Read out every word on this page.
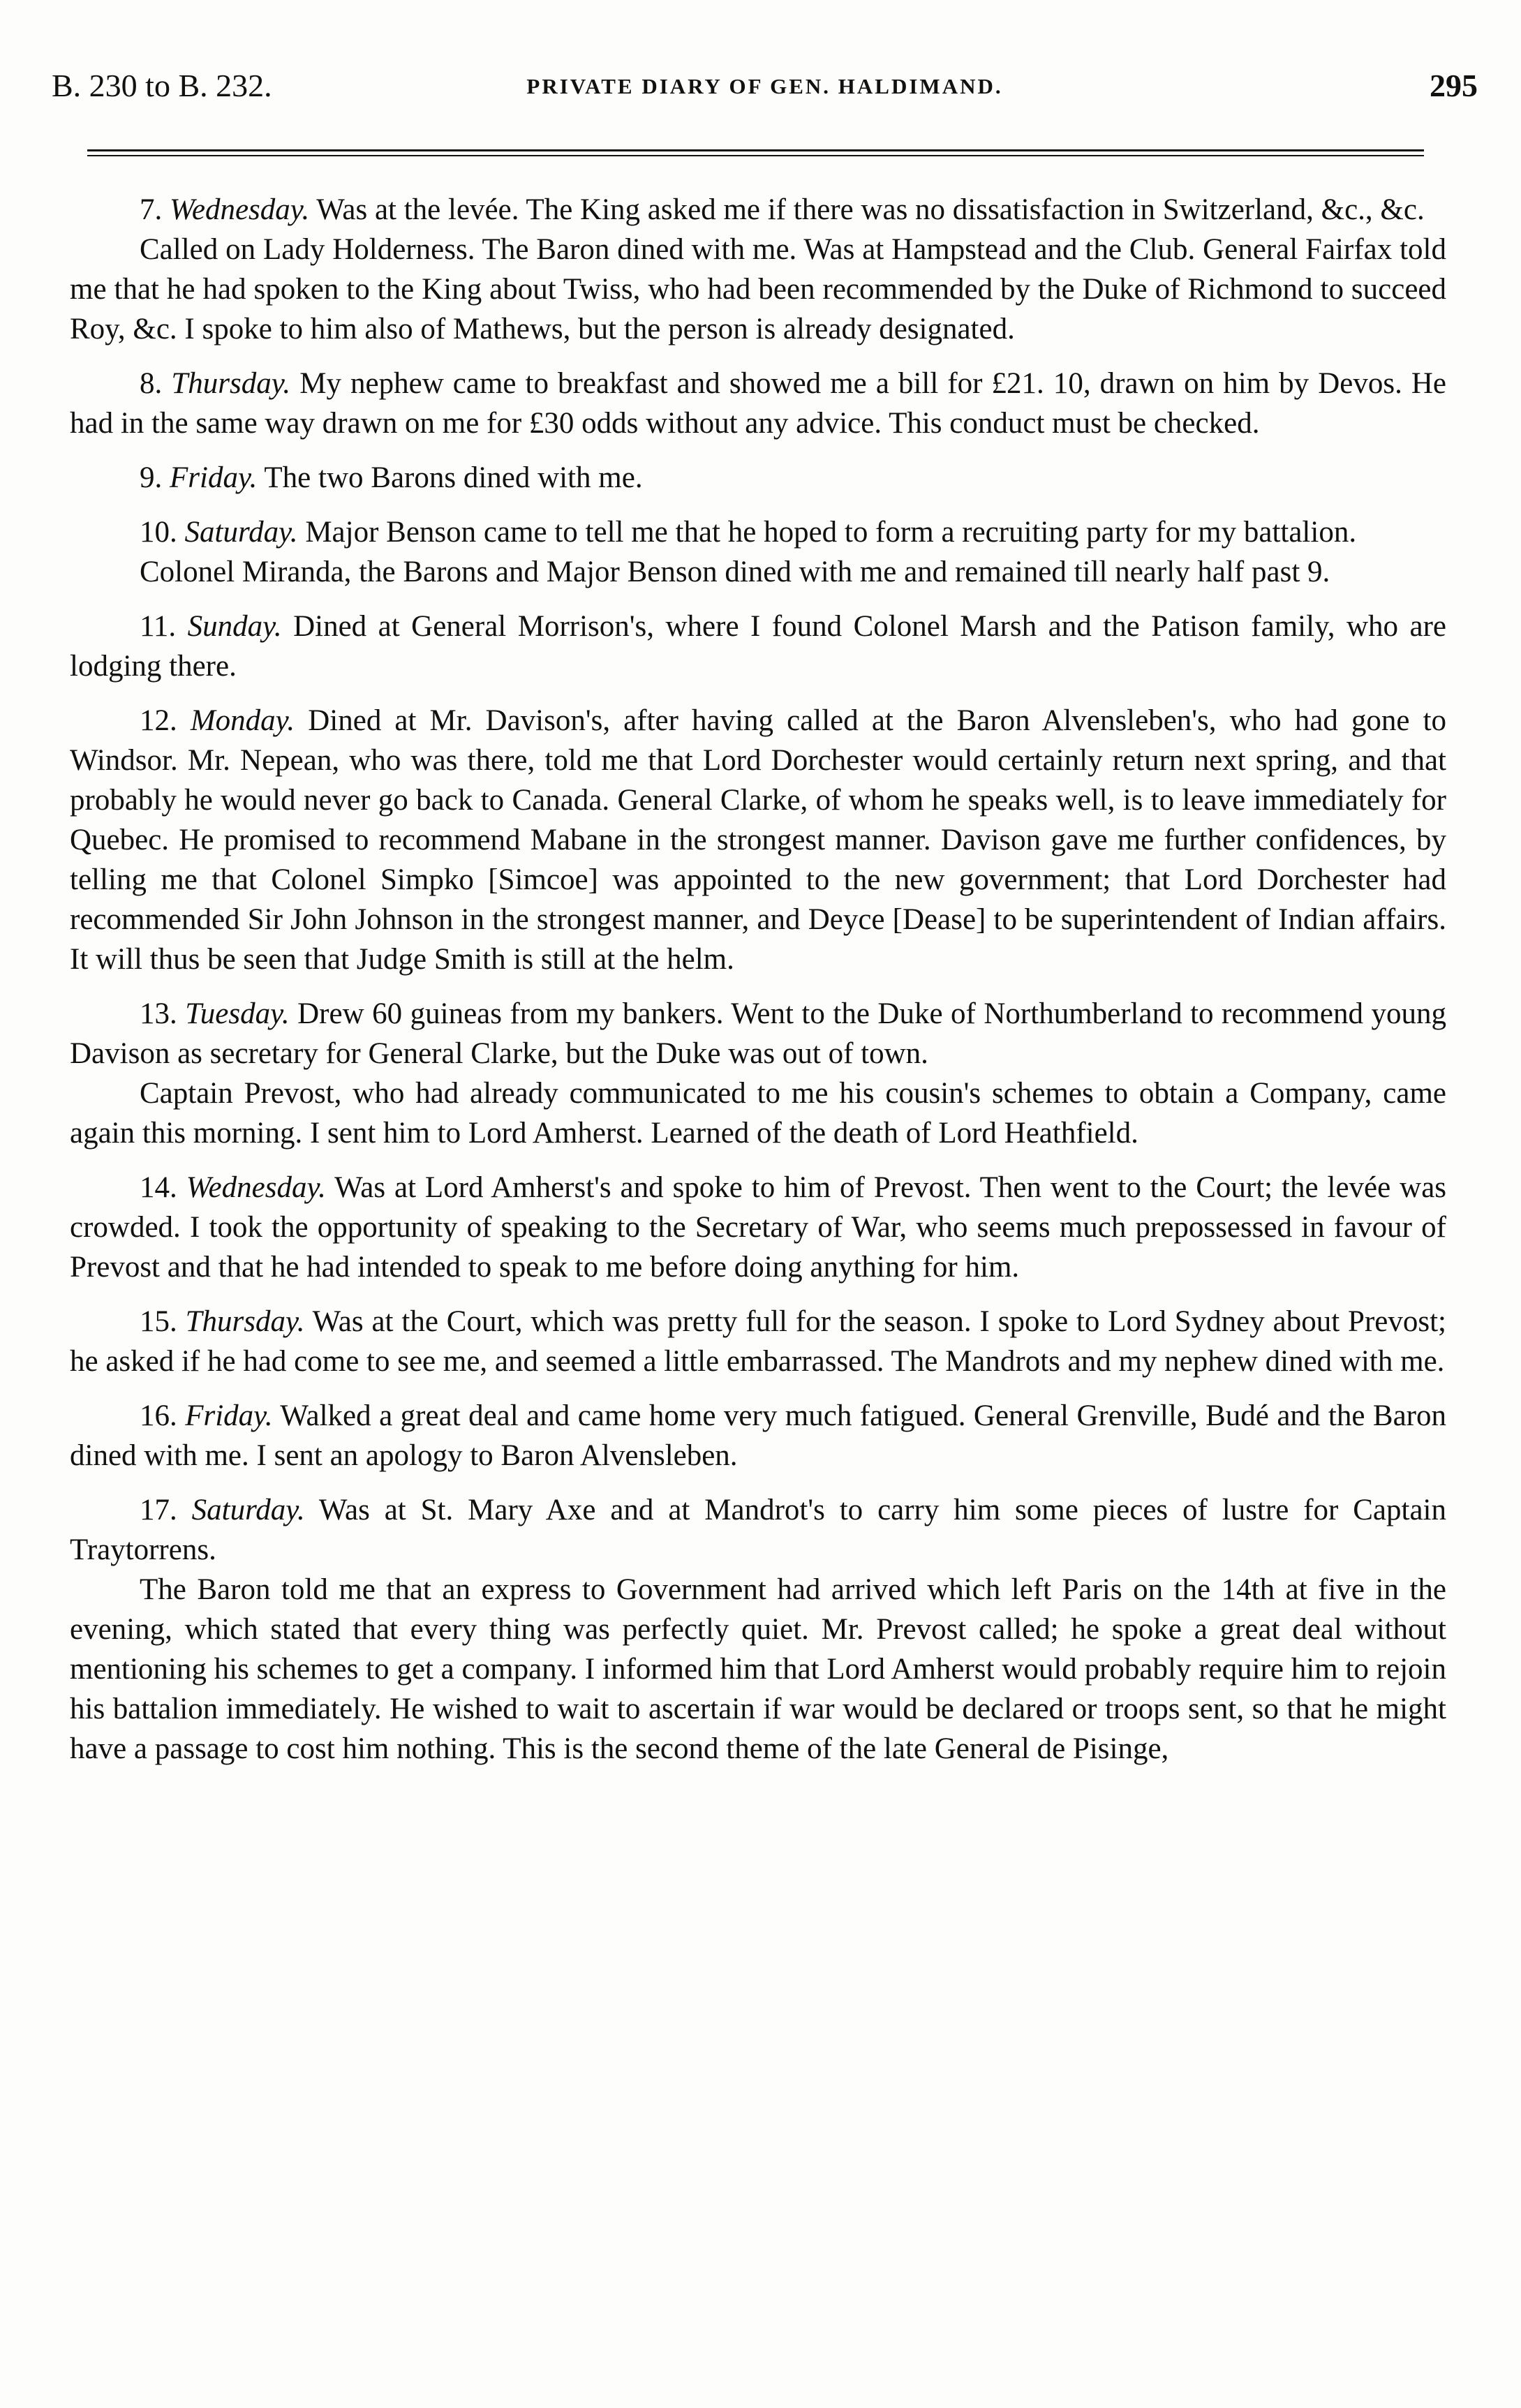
B. 230 to B. 232.	PRIVATE DIARY OF GEN. HALDIMAND.	295

7. Wednesday. Was at the levée. The King asked me if there was no dissatisfaction in Switzerland, &c., &c.

Called on Lady Holderness. The Baron dined with me. Was at Hampstead and the Club. General Fairfax told me that he had spoken to the King about Twiss, who had been recommended by the Duke of Richmond to succeed Roy, &c. I spoke to him also of Mathews, but the person is already designated.

8. Thursday. My nephew came to breakfast and showed me a bill for £21. 10, drawn on him by Devos. He had in the same way drawn on me for £30 odds without any advice. This conduct must be checked.

9. Friday. The two Barons dined with me.

10. Saturday. Major Benson came to tell me that he hoped to form a recruiting party for my battalion.

Colonel Miranda, the Barons and Major Benson dined with me and remained till nearly half past 9.

11. Sunday. Dined at General Morrison's, where I found Colonel Marsh and the Patison family, who are lodging there.

12. Monday. Dined at Mr. Davison's, after having called at the Baron Alvensleben's, who had gone to Windsor. Mr. Nepean, who was there, told me that Lord Dorchester would certainly return next spring, and that probably he would never go back to Canada. General Clarke, of whom he speaks well, is to leave immediately for Quebec. He promised to recommend Mabane in the strongest manner. Davison gave me further confidences, by telling me that Colonel Simpko [Simcoe] was appointed to the new government; that Lord Dorchester had recommended Sir John Johnson in the strongest manner, and Deyce [Dease] to be superintendent of Indian affairs. It will thus be seen that Judge Smith is still at the helm.

13. Tuesday. Drew 60 guineas from my bankers. Went to the Duke of Northumberland to recommend young Davison as secretary for General Clarke, but the Duke was out of town.

Captain Prevost, who had already communicated to me his cousin's schemes to obtain a Company, came again this morning. I sent him to Lord Amherst. Learned of the death of Lord Heathfield.

14. Wednesday. Was at Lord Amherst's and spoke to him of Prevost. Then went to the Court; the levée was crowded. I took the opportunity of speaking to the Secretary of War, who seems much prepossessed in favour of Prevost and that he had intended to speak to me before doing anything for him.

15. Thursday. Was at the Court, which was pretty full for the season. I spoke to Lord Sydney about Prevost; he asked if he had come to see me, and seemed a little embarrassed. The Mandrots and my nephew dined with me.

16. Friday. Walked a great deal and came home very much fatigued. General Grenville, Budé and the Baron dined with me. I sent an apology to Baron Alvensleben.

17. Saturday. Was at St. Mary Axe and at Mandrot's to carry him some pieces of lustre for Captain Traytorrens.

The Baron told me that an express to Government had arrived which left Paris on the 14th at five in the evening, which stated that every thing was perfectly quiet. Mr. Prevost called; he spoke a great deal without mentioning his schemes to get a company. I informed him that Lord Amherst would probably require him to rejoin his battalion immediately. He wished to wait to ascertain if war would be declared or troops sent, so that he might have a passage to cost him nothing. This is the second theme of the late General de Pisinge,
